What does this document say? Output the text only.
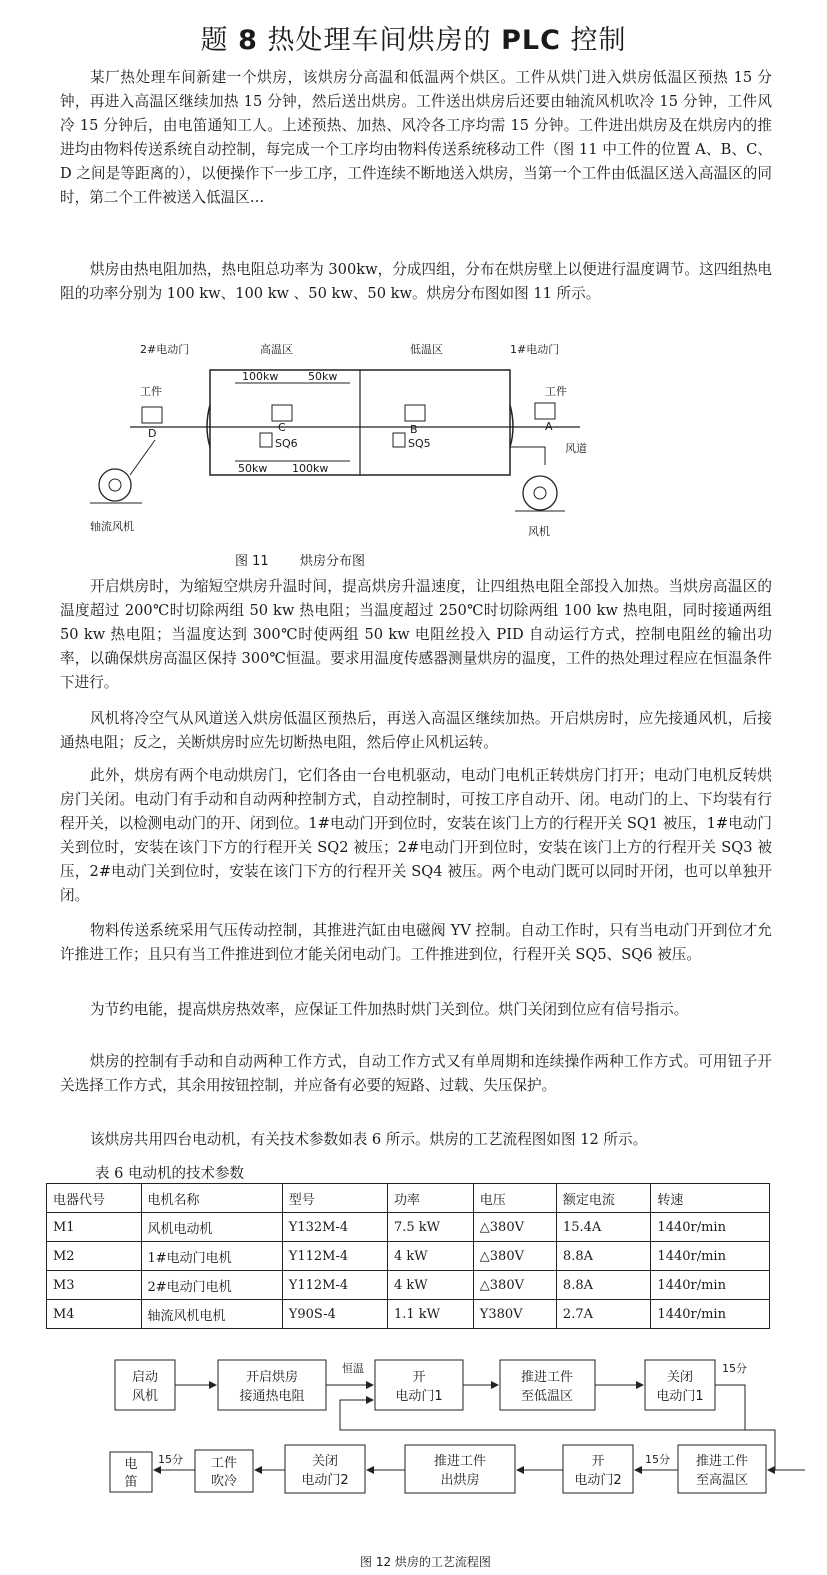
题 8 热处理车间烘房的 PLC 控制
某厂热处理车间新建一个烘房，该烘房分高温和低温两个烘区。工件从烘门进入烘房低温区预热 15 分钟，再进入高温区继续加热 15 分钟，然后送出烘房。工件送出烘房后还要由轴流风机吹冷 15 分钟，工件风冷 15 分钟后，由电笛通知工人。上述预热、加热、风冷各工序均需 15 分钟。工件进出烘房及在烘房内的推进均由物料传送系统自动控制，每完成一个工序均由物料传送系统移动工件（图 11 中工件的位置 A、B、C、D 之间是等距离的），以便操作下一步工序，工件连续不断地送入烘房，当第一个工件由低温区送入高温区的同时，第二个工件被送入低温区…
烘房由热电阻加热，热电阻总功率为 300kw，分成四组，分布在烘房壁上以便进行温度调节。这四组热电阻的功率分别为 100 kw、100 kw 、50 kw、50 kw。烘房分布图如图 11 所示。
100kw	50kw
50kw 100kw
SQ6	SQ5
C	B	A
D
2#电动门	高温区	低温区	1#电动门
工件	工件
风道
轴流风机	风机
图 11 烘房分布图
开启烘房时，为缩短空烘房升温时间，提高烘房升温速度，让四组热电阻全部投入加热。当烘房高温区的温度超过 200℃时切除两组 50 kw 热电阻；当温度超过 250℃时切除两组 100 kw 热电阻，同时接通两组 50 kw 热电阻；当温度达到 300℃时使两组 50 kw 电阻丝投入 PID 自动运行方式，控制电阻丝的输出功率，以确保烘房高温区保持 300℃恒温。要求用温度传感器测量烘房的温度，工件的热处理过程应在恒温条件下进行。
风机将冷空气从风道送入烘房低温区预热后，再送入高温区继续加热。开启烘房时，应先接通风机，后接通热电阻；反之，关断烘房时应先切断热电阻，然后停止风机运转。
此外，烘房有两个电动烘房门，它们各由一台电机驱动，电动门电机正转烘房门打开；电动门电机反转烘房门关闭。电动门有手动和自动两种控制方式，自动控制时，可按工序自动开、闭。电动门的上、下均装有行程开关，以检测电动门的开、闭到位。1#电动门开到位时，安装在该门上方的行程开关 SQ1 被压，1#电动门关到位时，安装在该门下方的行程开关 SQ2 被压；2#电动门开到位时，安装在该门上方的行程开关 SQ3 被压，2#电动门关到位时，安装在该门下方的行程开关 SQ4 被压。两个电动门既可以同时开闭，也可以单独开闭。
物料传送系统采用气压传动控制，其推进汽缸由电磁阀 YV 控制。自动工作时，只有当电动门开到位才允许推进工作；且只有当工件推进到位才能关闭电动门。工件推进到位，行程开关 SQ5、SQ6 被压。
为节约电能，提高烘房热效率，应保证工件加热时烘门关到位。烘门关闭到位应有信号指示。
烘房的控制有手动和自动两种工作方式，自动工作方式又有单周期和连续操作两种工作方式。可用钮子开关选择工作方式，其余用按钮控制，并应备有必要的短路、过载、失压保护。
该烘房共用四台电动机，有关技术参数如表 6 所示。烘房的工艺流程图如图 12 所示。
表 6 电动机的技术参数
电器代号	电机名称	型号	功率	电压	额定电流	转速
M1	风机电动机	Y132M-4	7.5 kW	△380V	15.4A	1440r/min
M2	1#电动门电机	Y112M-4	4 kW	△380V	8.8A	1440r/min
M3	2#电动门电机	Y112M-4	4 kW	△380V	8.8A	1440r/min
M4	轴流风机电机	Y90S-4	1.1 kW	Y380V	2.7A	1440r/min
启动
风机
开启烘房
接通热电阻
开
电动门1
推进工件
至低温区
关闭
电动门1
恒温	15分
推进工件
至高温区
开
电动门2
推进工件
出烘房
关闭
电动门2
工件
吹冷
电
笛
15分
15分
图 12 烘房的工艺流程图
